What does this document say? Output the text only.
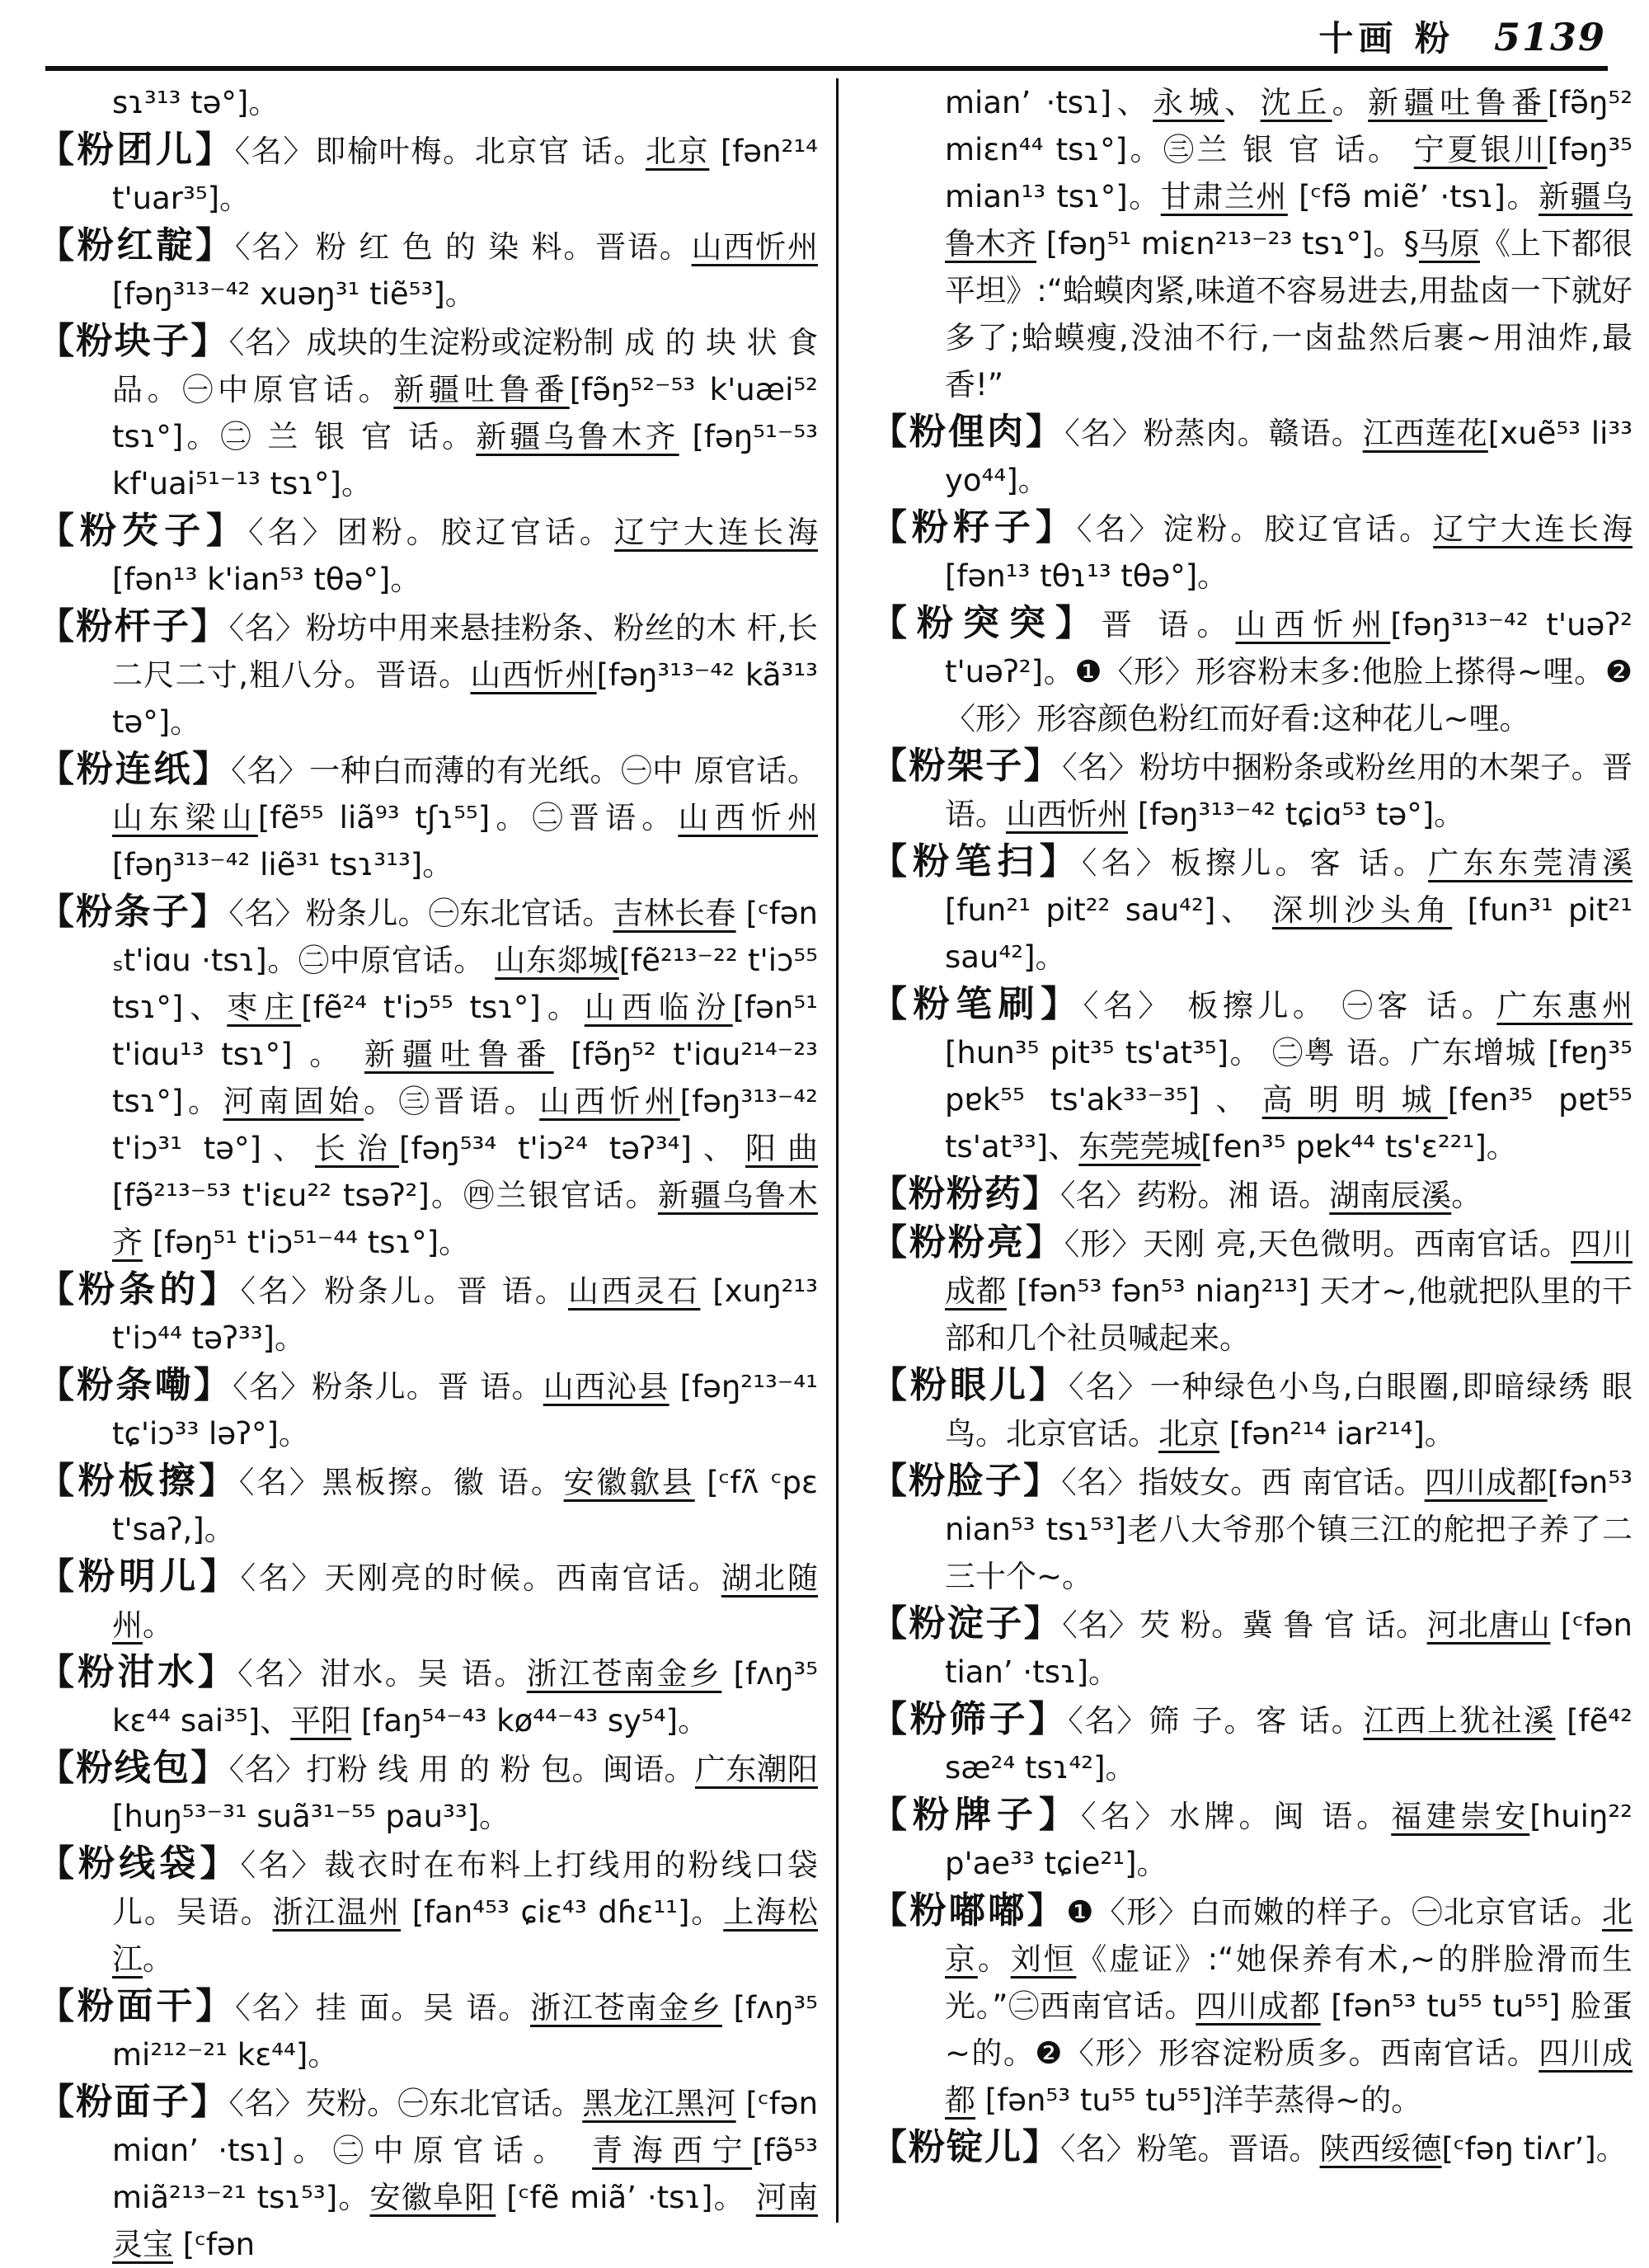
十画 粉 5139

sɿ³¹³ tə°]。

【粉团儿】〈名〉即榆叶梅。北京官 话。北京 [fən²¹⁴ t'uar³⁵]。

【粉红靛】〈名〉粉 红 色 的 染 料。晋语。山西忻州 [fəŋ³¹³⁻⁴² xuəŋ³¹ tiẽ⁵³]。

【粉块子】〈名〉成块的生淀粉或淀粉制 成 的 块 状 食品。㊀中原官话。新疆吐鲁番[fə̃ŋ⁵²⁻⁵³ k'uæi⁵² tsɿ°]。㊁ 兰 银 官 话。新疆乌鲁木齐 [fəŋ⁵¹⁻⁵³ kf'uai⁵¹⁻¹³ tsɿ°]。

【粉芡子】〈名〉团粉。胶辽官话。辽宁大连长海 [fən¹³ k'ian⁵³ tθə°]。

【粉杆子】〈名〉粉坊中用来悬挂粉条、粉丝的木 杆,长二尺二寸,粗八分。晋语。山西忻州[fəŋ³¹³⁻⁴² kã³¹³ tə°]。

【粉连纸】〈名〉一种白而薄的有光纸。㊀中 原官话。山东梁山[fẽ⁵⁵ liã⁹³ tʃɿ⁵⁵]。㊁晋语。山西忻州[fəŋ³¹³⁻⁴² liẽ³¹ tsɿ³¹³]。

【粉条子】〈名〉粉条儿。㊀东北官话。吉林长春 [ᶜfən ₛt'iɑu ·tsɿ]。㊁中原官话。 山东郯城[fẽ²¹³⁻²² t'iɔ⁵⁵ tsɿ°]、枣庄[fẽ²⁴ t'iɔ⁵⁵ tsɿ°]。山西临汾[fən⁵¹ t'iɑu¹³ tsɿ°] 。 新疆吐鲁番 [fə̃ŋ⁵² t'iɑu²¹⁴⁻²³ tsɿ°]。河南固始。㊂晋语。山西忻州[fəŋ³¹³⁻⁴² t'iɔ³¹ tə°]、长治[fəŋ⁵³⁴ t'iɔ²⁴ təʔ³⁴]、阳曲[fə̃²¹³⁻⁵³ t'iɛu²² tsəʔ²]。㊃兰银官话。新疆乌鲁木齐 [fəŋ⁵¹ t'iɔ⁵¹⁻⁴⁴ tsɿ°]。

【粉条的】〈名〉粉条儿。晋 语。山西灵石 [xuŋ²¹³ t'iɔ⁴⁴ təʔ³³]。

【粉条嘞】〈名〉粉条儿。晋 语。山西沁县 [fəŋ²¹³⁻⁴¹ tɕ'iɔ³³ ləʔ°]。

【粉板擦】〈名〉黑板擦。徽 语。安徽歙县 [ᶜfʌ̃ ᶜpɛ t'saʔ,]。

【粉明儿】〈名〉天刚亮的时候。西南官话。湖北随州。

【粉泔水】〈名〉泔水。吴 语。浙江苍南金乡 [fʌŋ³⁵ kɛ⁴⁴ sai³⁵]、平阳 [faŋ⁵⁴⁻⁴³ kø⁴⁴⁻⁴³ sy⁵⁴]。

【粉线包】〈名〉打粉 线 用 的 粉 包。闽语。广东潮阳 [huŋ⁵³⁻³¹ suã³¹⁻⁵⁵ pau³³]。

【粉线袋】〈名〉裁衣时在布料上打线用的粉线口袋儿。吴语。浙江温州 [fan⁴⁵³ ɕiɛ⁴³ dɦɛ¹¹]。上海松江。

【粉面干】〈名〉挂 面。吴 语。浙江苍南金乡 [fʌŋ³⁵ mi²¹²⁻²¹ kɛ⁴⁴]。

【粉面子】〈名〉芡粉。㊀东北官话。黑龙江黑河 [ᶜfən miɑn’ ·tsɿ]。㊁中原官话。 青海西宁[fə̃⁵³ miã²¹³⁻²¹ tsɿ⁵³]。安徽阜阳 [ᶜfẽ miã’ ·tsɿ]。 河南灵宝 [ᶜfən

mian’ ·tsɿ]、永城、沈丘。新疆吐鲁番[fə̃ŋ⁵² miɛn⁴⁴ tsɿ°]。㊂兰 银 官 话。 宁夏银川[fəŋ³⁵ mian¹³ tsɿ°]。甘肃兰州 [ᶜfə̃ miẽ’ ·tsɿ]。新疆乌鲁木齐 [fəŋ⁵¹ miɛn²¹³⁻²³ tsɿ°]。§马原《上下都很平坦》:“蛤蟆肉紧,味道不容易进去,用盐卤一下就好多了;蛤蟆瘦,没油不行,一卤盐然后裹~用油炸,最香!”

【粉俚肉】〈名〉粉蒸肉。赣语。江西莲花[xuẽ⁵³ li³³ yo⁴⁴]。

【粉籽子】〈名〉淀粉。胶辽官话。辽宁大连长海[fən¹³ tθɿ¹³ tθə°]。

【粉突突】晋 语。山西忻州[fəŋ³¹³⁻⁴² t'uəʔ² t'uəʔ²]。❶〈形〉形容粉末多:他脸上搽得~哩。❷〈形〉形容颜色粉红而好看:这种花儿~哩。

【粉架子】〈名〉粉坊中捆粉条或粉丝用的木架子。晋 语。山西忻州 [fəŋ³¹³⁻⁴² tɕiɑ⁵³ tə°]。

【粉笔扫】〈名〉板擦儿。客 话。广东东莞清溪 [fun²¹ pit²² sau⁴²]、 深圳沙头角 [fun³¹ pit²¹ sau⁴²]。

【粉笔刷】〈名〉 板擦儿。 ㊀客 话。广东惠州 [hun³⁵ pit³⁵ ts'at³⁵]。 ㊁粤 语。广东增城 [fɐŋ³⁵ pɐk⁵⁵ ts'ak³³⁻³⁵]、高明明城[fen³⁵ pɐt⁵⁵ ts'at³³]、东莞莞城[fen³⁵ pɐk⁴⁴ ts'ɛ²²¹]。

【粉粉药】〈名〉药粉。湘 语。湖南辰溪。

【粉粉亮】〈形〉天刚 亮,天色微明。西南官话。四川成都 [fən⁵³ fən⁵³ niaŋ²¹³] 天才~,他就把队里的干部和几个社员喊起来。

【粉眼儿】〈名〉一种绿色小鸟,白眼圈,即暗绿绣 眼鸟。北京官话。北京 [fən²¹⁴ iar²¹⁴]。

【粉脸子】〈名〉指妓女。西 南官话。四川成都[fən⁵³ nian⁵³ tsɿ⁵³]老八大爷那个镇三江的舵把子养了二三十个~。

【粉淀子】〈名〉芡 粉。冀 鲁 官 话。河北唐山 [ᶜfən tian’ ·tsɿ]。

【粉筛子】〈名〉筛 子。客 话。江西上犹社溪 [fẽ⁴² sæ²⁴ tsɿ⁴²]。

【粉牌子】〈名〉水牌。闽 语。福建崇安[huiŋ²² p'ae³³ tɕie²¹]。

【粉嘟嘟】❶〈形〉白而嫩的样子。㊀北京官话。北京。刘恒《虚证》:“她保养有术,~的胖脸滑而生光。”㊁西南官话。四川成都 [fən⁵³ tu⁵⁵ tu⁵⁵] 脸蛋~的。❷〈形〉形容淀粉质多。西南官话。四川成都 [fən⁵³ tu⁵⁵ tu⁵⁵]洋芋蒸得~的。

【粉锭儿】〈名〉粉笔。晋语。陕西绥德[ᶜfəŋ tiʌr’]。
